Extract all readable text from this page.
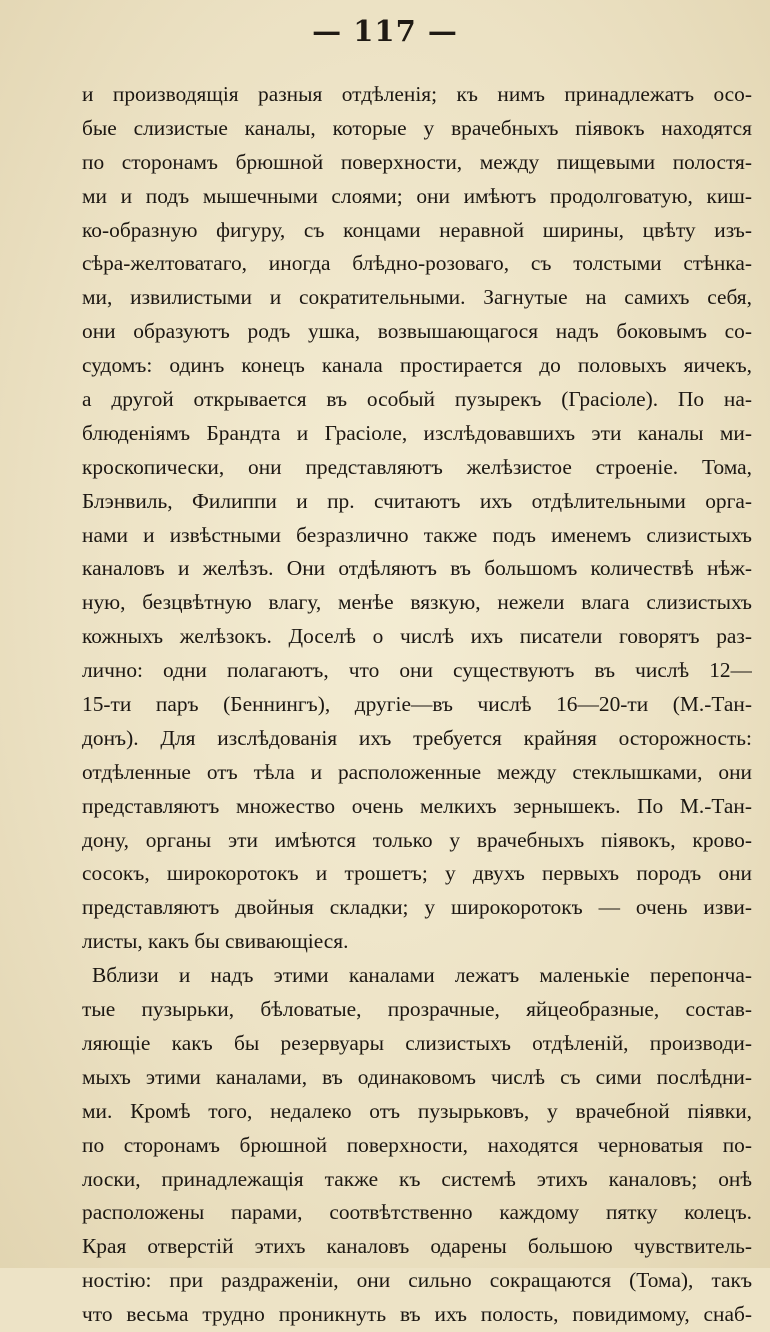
— 117 —
и производящія разныя отдѣленія; къ нимъ принадлежатъ осо-
бые слизистые каналы, которые у врачебныхъ піявокъ находятся
по сторонамъ брюшной поверхности, между пищевыми полостя-
ми и подъ мышечными слоями; они имѣютъ продолговатую, киш-
ко-образную фигуру, съ концами неравной ширины, цвѣту изъ-
сѣра-желтоватаго, иногда блѣдно-розоваго, съ толстыми стѣнка-
ми, извилистыми и сократительными. Загнутые на самихъ себя,
они образуютъ родъ ушка, возвышающагося надъ боковымъ со-
судомъ: одинъ конецъ канала простирается до половыхъ яичекъ,
а другой открывается въ особый пузырекъ (Грасіоле). По на-
блюденіямъ Брандта и Грасіоле, изслѣдовавшихъ эти каналы ми-
кроскопически, они представляютъ желѣзистое строеніе. Тома,
Блэнвиль, Филиппи и пр. считаютъ ихъ отдѣлительными орга-
нами и извѣстными безразлично также подъ именемъ слизистыхъ
каналовъ и желѣзъ. Они отдѣляютъ въ большомъ количествѣ нѣж-
ную, безцвѣтную влагу, менѣе вязкую, нежели влага слизистыхъ
кожныхъ желѣзокъ. Доселѣ о числѣ ихъ писатели говорятъ раз-
лично: одни полагаютъ, что они существуютъ въ числѣ 12—
15-ти паръ (Беннингъ), другіе—въ числѣ 16—20-ти (М.-Тан-
донъ). Для изслѣдованія ихъ требуется крайняя осторожность:
отдѣленные отъ тѣла и расположенные между стеклышками, они
представляютъ множество очень мелкихъ зернышекъ. По М.-Тан-
дону, органы эти имѣются только у врачебныхъ піявокъ, крово-
сосокъ, широкоротокъ и трошетъ; у двухъ первыхъ породъ они
представляютъ двойныя складки; у широкоротокъ — очень изви-
листы, какъ бы свивающіеся.
Вблизи и надъ этими каналами лежатъ маленькіе перепонча-
тые пузырьки, бѣловатые, прозрачные, яйцеобразные, состав-
ляющіе какъ бы резервуары слизистыхъ отдѣленій, производи-
мыхъ этими каналами, въ одинаковомъ числѣ съ сими послѣдни-
ми. Кромѣ того, недалеко отъ пузырьковъ, у врачебной піявки,
по сторонамъ брюшной поверхности, находятся черноватыя по-
лоски, принадлежащія также къ системѣ этихъ каналовъ; онѣ
расположены парами, соотвѣтственно каждому пятку колецъ.
Края отверстій этихъ каналовъ одарены большою чувствитель-
ностію: при раздраженіи, они сильно сокращаются (Тома), такъ
что весьма трудно проникнуть въ ихъ полость, повидимому, снаб-
